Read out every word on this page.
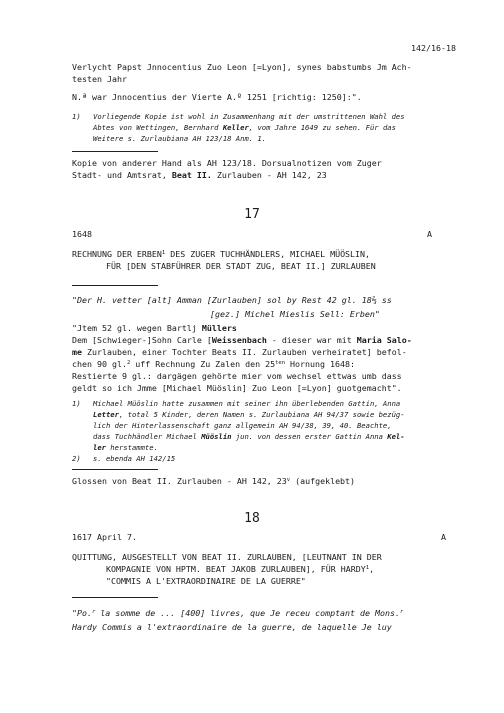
142/16-18
Verlycht Papst Jnnocentius Zuo Leon [=Lyon], synes babstumbs Jm Ach-
testen Jahr
N.ª war Jnnocentius der Vierte A.º 1251 [richtig: 1250]:".
1) Vorliegende Kopie ist wohl in Zusammenhang mit der umstrittenen Wahl des
Abtes von Wettingen, Bernhard Keller, vom Jahre 1649 zu sehen. Für das
Weitere s. Zurlaubiana AH 123/18 Anm. 1.
Kopie von anderer Hand als AH 123/18. Dorsualnotizen vom Zuger
Stadt- und Amtsrat, Beat II. Zurlauben - AH 142, 23
17
1648	A
RECHNUNG DER ERBEN$^1$ DES ZUGER TUCHHÄNDLERS, MICHAEL MÜÖSLIN,
FÜR [DEN STABFÜHRER DER STADT ZUG, BEAT II.] ZURLAUBEN
"Der H. vetter [alt] Amman [Zurlauben] sol by Rest 42 gl. 18⅔ ss
[gez.] Michel Mieslis Sell: Erben"
"Jtem 52 gl. wegen Bartlj Müllers
Dem [Schwieger-]Sohn Carle [Weissenbach - dieser war mit Maria Salo-
me Zurlauben, einer Tochter Beats II. Zurlauben verheiratet] befol-
chen 90 gl.$^2$ uff Rechnung Zu Zalen den $25^{ten}$ Hornung 1648:
Restierte 9 gl.: dargägen gehörte mier vom wechsel ettwas umb dass
geldt so ich Jmme [Michael Müöslin] Zuo Leon [=Lyon] guotgemacht".
1) Michael Müöslin hatte zusammen mit seiner ihn überlebenden Gattin, Anna
Letter, total 5 Kinder, deren Namen s. Zurlaubiana AH 94/37 sowie bezüg-
lich der Hinterlassenschaft ganz allgemein AH 94/38, 39, 40. Beachte,
dass Tuchhändler Michael Müöslin jun. von dessen erster Gattin Anna Kel-
ler herstammte.
2) s. ebenda AH 142/15
Glossen von Beat II. Zurlauben - AH 142, 23$^v$ (aufgeklebt)
18
1617 April 7.	A
QUITTUNG, AUSGESTELLT VON BEAT II. ZURLAUBEN, [LEUTNANT IN DER
KOMPAGNIE VON HPTM. BEAT JAKOB ZURLAUBEN], FÜR HARDY$^1$,
"COMMIS A L'EXTRAORDINAIRE DE LA GUERRE"
"Po.$^r$ la somme de ... [400] livres, que Je receu comptant de Mons.$^r$
Hardy Commis a l'extraordinaire de la guerre, de laquelle Je luy
